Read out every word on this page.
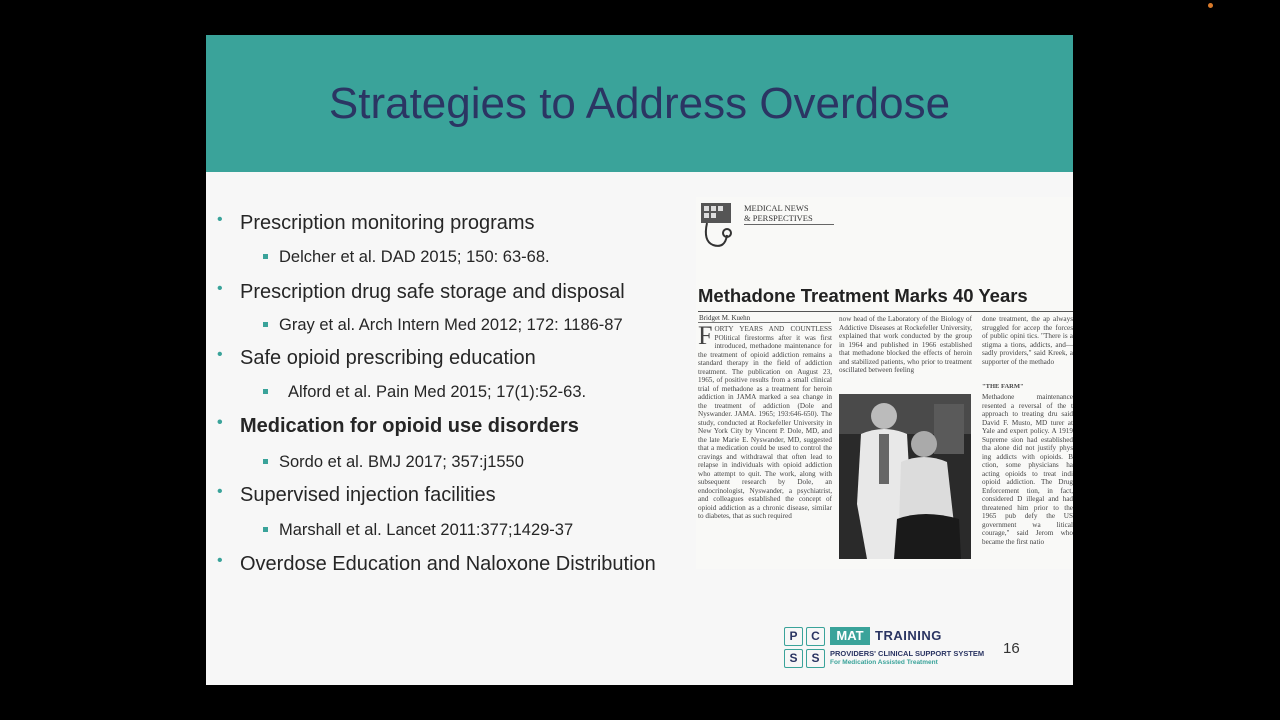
Strategies to Address Overdose
• Prescription monitoring programs
Delcher et al. DAD 2015; 150: 63-68.
• Prescription drug safe storage and disposal
Gray et al. Arch Intern Med 2012; 172: 1186-87
• Safe opioid prescribing education
Alford et al. Pain Med 2015; 17(1):52-63.
• Medication for opioid use disorders
Sordo et al. BMJ 2017; 357:j1550
• Supervised injection facilities
Marshall et al. Lancet 2011:377;1429-37
• Overdose Education and Naloxone Distribution
MEDICAL NEWS
& PERSPECTIVES
Methadone Treatment Marks 40 Years
Bridget M. Kuehn

FORTY YEARS AND COUNTLESS POlitical firestorms after it was first introduced, methadone maintenance for the treatment of opioid addiction remains a standard therapy in the field of addiction treatment. The publication on August 23, 1965, of positive results from a small clinical trial of methadone as a treatment for heroin addiction in JAMA marked a sea change in the treatment of addiction (Dole and Nyswander. JAMA. 1965; 193:646-650). The study, conducted at Rockefeller University in New York City by Vincent P. Dole, MD, and the late Marie E. Nyswander, MD, suggested that a medication could be used to control the cravings and withdrawal that often lead to relapse in individuals with opioid addiction who attempt to quit. The work, along with subsequent research by Dole, an endocrinologist, Nyswander, a psychiatrist, and colleagues established the concept of opioid addiction as a chronic disease, similar to diabetes, that as such required

now head of the Laboratory of the Biology of Addictive Diseases at Rockefeller University, explained that work conducted by the group in 1964 and published in 1966 established that methadone blocked the effects of heroin and stabilized patients, who prior to treatment oscillated between feeling

done treatment, the ap always struggled for accep the forces of public opini tics. "There is a stigma a tions, addicts, and—sadly providers," said Kreek, a supporter of the methado

"THE FARM"

Methadone maintenance resented a reversal of the t approach to treating dru said David F. Musto, MD turer at Yale and expert policy. A 1919 Supreme sion had established tha alone did not justify phys ing addicts with opioids. B ction, some physicians ha acting opioids to treat indi opioid addiction. The Drug Enforcement tion, in fact, considered D illegal and had threatened him prior to the 1965 pub defy the US government wa litical courage," said Jerom who became the first natio

P	C
S	S
MAT TRAINING
PROVIDERS' CLINICAL SUPPORT SYSTEM
For Medication Assisted Treatment
16
